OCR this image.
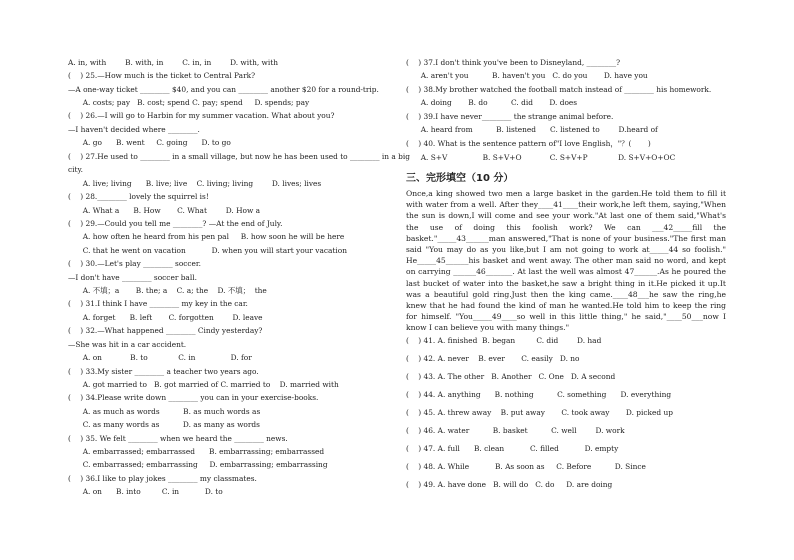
A. in, with        B. with, in        C. in, in        D. with, with
(    ) 25.—How much is the ticket to Central Park?
—A one-way ticket ________ $40, and you can ________ another $20 for a round-trip.
A. costs; pay   B. cost; spend C. pay; spend     D. spends; pay
(    ) 26.—I will go to Harbin for my summer vacation. What about you?
—I haven't decided where ________.
A. go      B. went     C. going      D. to go
(    ) 27.He used to ________ in a small village, but now he has been used to ________ in a big
city.
A. live; living      B. live; live    C. living; living        D. lives; lives
(    ) 28.________ lovely the squirrel is!
A. What a      B. How       C. What        D. How a
(    ) 29.—Could you tell me ________? —At the end of July.
A. how often he heard from his pen pal     B. how soon he will be here
C. that he went on vacation           D. when you will start your vacation
(    ) 30.—Let's play ________ soccer.
—I don't have ________ soccer ball.
A. 不填；a       B. the; a    C. a; the    D. 不填；  the
(    ) 31.I think I have ________ my key in the car.
A. forget      B. left       C. forgotten        D. leave
(    ) 32.—What happened ________ Cindy yesterday?
—She was hit in a car accident.
A. on            B. to             C. in               D. for
(    ) 33.My sister ________ a teacher two years ago.
A. got married to   B. got married of C. married to    D. married with
(    ) 34.Please write down ________ you can in your exercise-books.
A. as much as words          B. as much words as
C. as many words as          D. as many as words
(    ) 35. We felt ________ when we heard the ________ news.
A. embarrassed; embarrassed      B. embarrassing; embarrassed
C. embarrassed; embarrassing     D. embarrassing; embarrassing
(    ) 36.I like to play jokes ________ my classmates.
A. on      B. into         C. in           D. to
三、完形填空（10 分）
Once,a king showed two men a large basket in the garden.He told them to fill it with water from a well. After they____41____their work,he left them, saying,"When the sun is down,I will come and see your work."At last one of them said,"What's the use of doing this foolish work? We can ___42_____fill the basket."_____43______man answered,"That is none of your business."The first man said "You may do as you like,but I am not going to work at_____44 so foolish." He_____45______his basket and went away. The other man said no word, and kept on carrying ______46_______. At last the well was almost 47______.As he poured the last bucket of water into the basket,he saw a bright thing in it.He picked it up.It was a beautiful gold ring.Just then the king came.____48___he saw the ring,he knew that he had found the kind of man he wanted.He told him to keep the ring for himself. "You_____49____so well in this little thing," he said,"____50___now I know I can believe you with many things."
(    ) 37.I don't think you've been to Disneyland, ________?
A. aren't you          B. haven't you   C. do you       D. have you
(    ) 38.My brother watched the football match instead of ________ his homework.
A. doing       B. do          C. did       D. does
(    ) 39.I have never________ the strange animal before.
A. heard from          B. listened      C. listened to        D.heard of
(    ) 40. What is the sentence pattern of"I love English，"？(       )
A. S+V               B. S+V+O            C. S+V+P             D. S+V+O+OC
(    ) 41. A. finished  B. began         C. did        D. had
(    ) 42. A. never    B. ever       C. easily   D. no
(    ) 43. A. The other   B. Another   C. One   D. A second
(    ) 44. A. anything      B. nothing          C. something      D. everything
(    ) 45. A. threw away    B. put away       C. took away       D. picked up
(    ) 46. A. water          B. basket          C. well        D. work
(    ) 47. A. full      B. clean           C. filled           D. empty
(    ) 48. A. While           B. As soon as     C. Before          D. Since
(    ) 49. A. have done   B. will do   C. do     D. are doing
